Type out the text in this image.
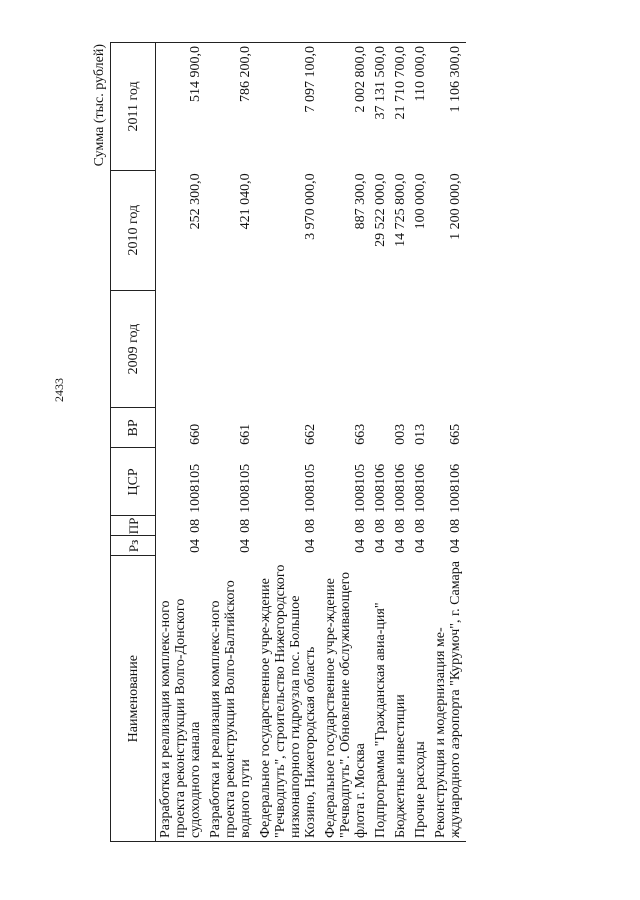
2433
Сумма (тыс. рублей)
Наименование	Рз	ПР	ЦСР	ВР	2009 год	2010 год	2011 год
Разработка и реализация комплекс-ного проекта реконструкции Волго-Донского судоходного канала	04	08	1008105	660		252 300,0	514 900,0
Разработка и реализация комплекс-ного проекта реконструкции Волго-Балтийского водного пути	04	08	1008105	661		421 040,0	786 200,0
Федеральное государственное учре-ждение "Речводпуть", строительство Нижегородского низконапорного гидроузла пос. Большое Козино, Нижегородская область	04	08	1008105	662		3 970 000,0	7 097 100,0
Федеральное государственное учре-ждение "Речводпуть". Обновление обслуживающего флота г. Москва	04	08	1008105	663		887 300,0	2 002 800,0
Подпрограмма "Гражданская авиа-ция"	04	08	1008106			29 522 000,0	37 131 500,0
Бюджетные инвестиции	04	08	1008106	003		14 725 800,0	21 710 700,0
Прочие расходы	04	08	1008106	013		100 000,0	110 000,0
Реконструкция и модернизация ме-ждународного аэропорта "Курумоч", г. Самара	04	08	1008106	665		1 200 000,0	1 106 300,0
